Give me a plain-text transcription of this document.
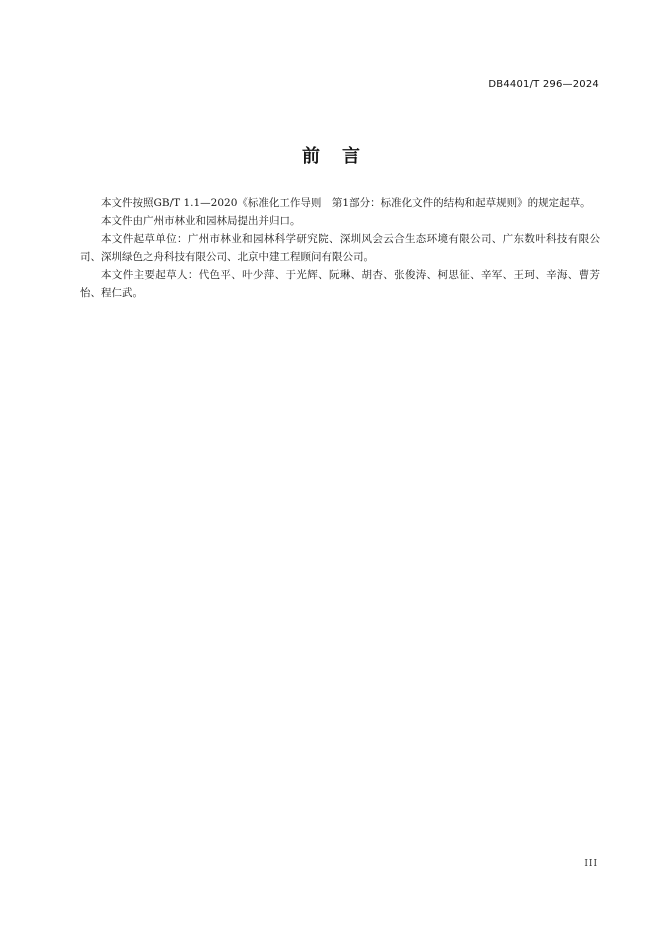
DB4401/T 296—2024
前言

本文件按照GB/T 1.1—2020《标准化工作导则　第1部分：标准化文件的结构和起草规则》的规定起草。

本文件由广州市林业和园林局提出并归口。

本文件起草单位：广州市林业和园林科学研究院、深圳风会云合生态环境有限公司、广东数叶科技有限公司、深圳绿色之舟科技有限公司、北京中建工程顾问有限公司。

本文件主要起草人：代色平、叶少萍、于光辉、阮琳、胡杏、张俊涛、柯思征、辛军、王珂、辛海、曹芳怡、程仁武。

III
